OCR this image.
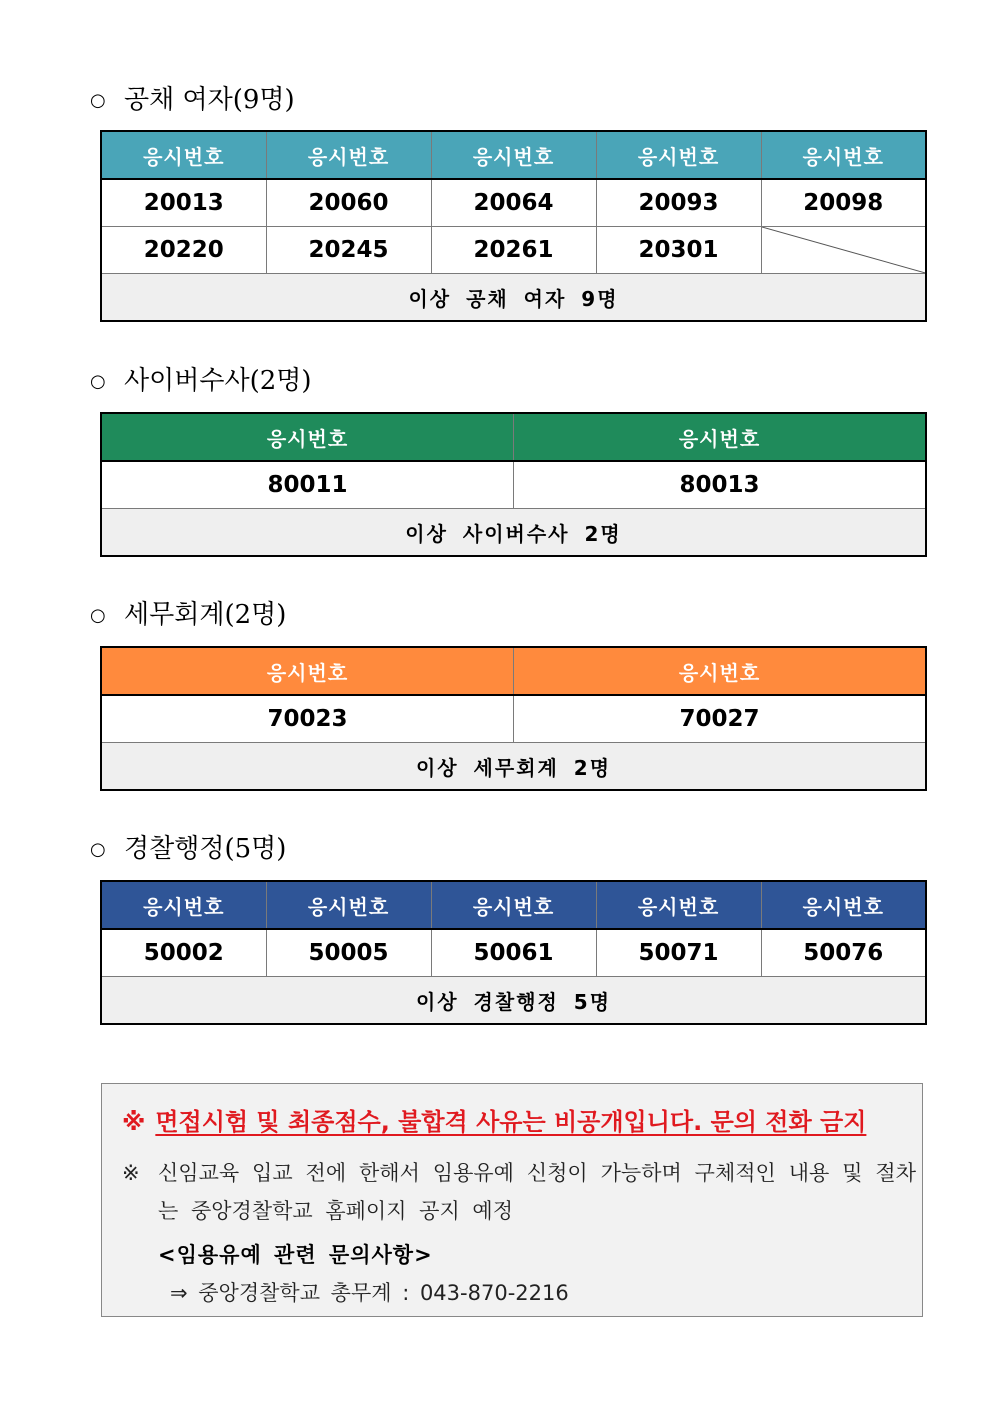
○ 공채 여자(9명)
응시번호	응시번호	응시번호	응시번호	응시번호
20013	20060	20064	20093	20098
20220	20245	20261	20301	

이상 공채 여자 9명				
○ 사이버수사(2명)
응시번호	응시번호
80011	80013
이상 사이버수사 2명	
○ 세무회계(2명)
응시번호	응시번호
70023	70027
이상 세무회계 2명	
○ 경찰행정(5명)
응시번호	응시번호	응시번호	응시번호	응시번호
50002	50005	50061	50071	50076
이상 경찰행정 5명				
※ 면접시험 및 최종점수, 불합격 사유는 비공개입니다. 문의 전화 금지
※ 신임교육 입교 전에 한해서 임용유예 신청이 가능하며 구체적인 내용 및 절차는 중앙경찰학교 홈페이지 공지 예정
<임용유예 관련 문의사항>
⇒ 중앙경찰학교 총무계 : 043-870-2216
